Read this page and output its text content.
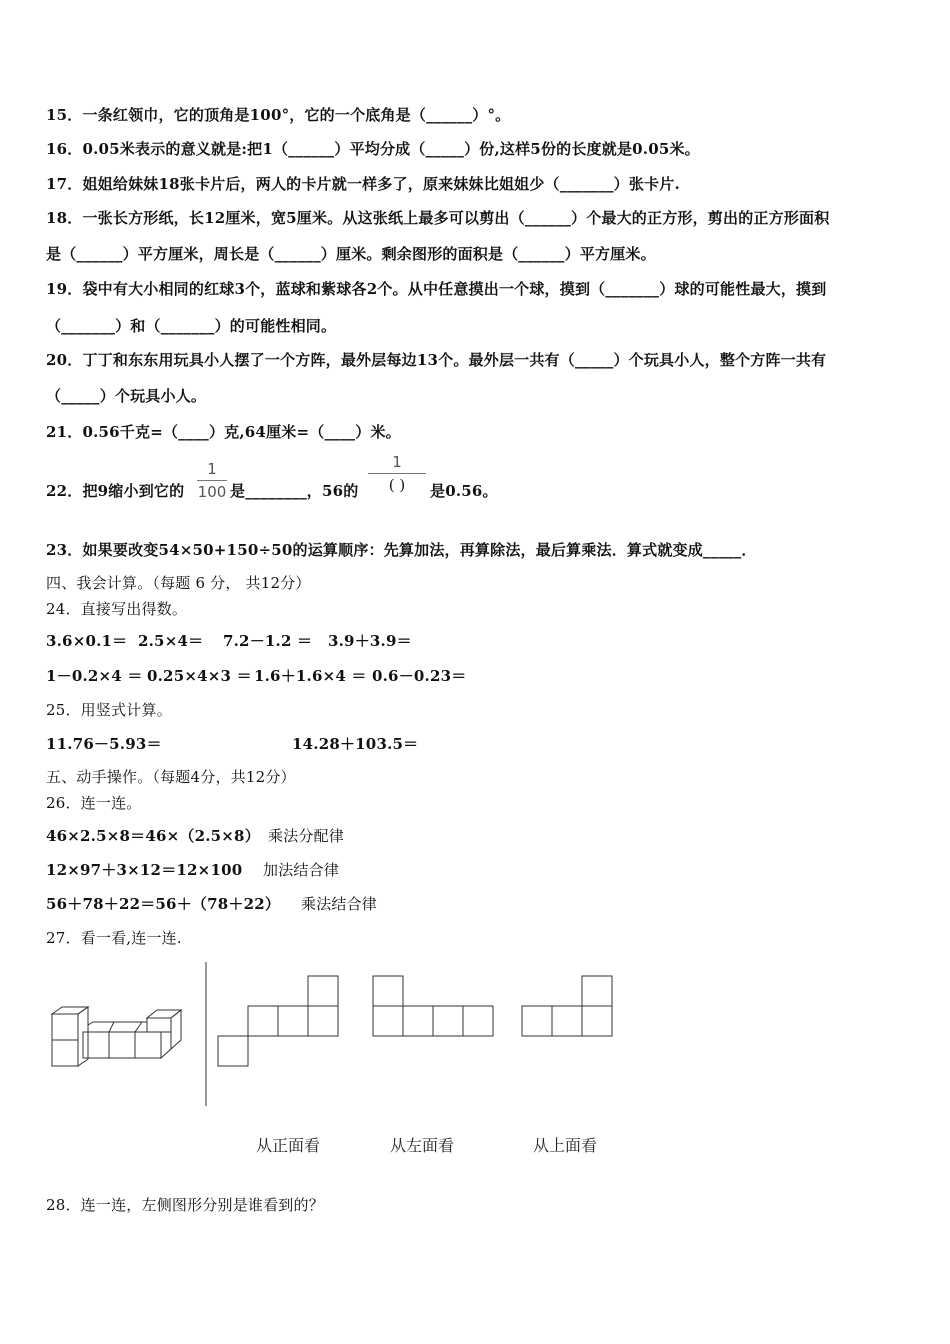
15．一条红领巾，它的顶角是100°，它的一个底角是（______）°。
16．0.05米表示的意义就是:把1（______）平均分成（_____）份,这样5份的长度就是0.05米。
17．姐姐给妹妹18张卡片后，两人的卡片就一样多了，原来妹妹比姐姐少（_______）张卡片.
18．一张长方形纸，长12厘米，宽5厘米。从这张纸上最多可以剪出（______）个最大的正方形，剪出的正方形面积
是（______）平方厘米，周长是（______）厘米。剩余图形的面积是（______）平方厘米。
19．袋中有大小相同的红球3个，蓝球和紫球各2个。从中任意摸出一个球，摸到（_______）球的可能性最大，摸到
（_______）和（_______）的可能性相同。
20．丁丁和东东用玩具小人摆了一个方阵，最外层每边13个。最外层一共有（_____）个玩具小人，整个方阵一共有
（_____）个玩具小人。
21．0.56千克=（____）克,64厘米=（____）米。
22．把9缩小到它的
1
100 是________，56的
1
( )	是0.56。
23．如果要改变54×50+150÷50的运算顺序：先算加法，再算除法，最后算乘法．算式就变成_____．
四、我会计算。（每题 6 分， 共12分）
24．直接写出得数。
3.6×0.1＝ 2.5×4＝ 7.2－1.2 ＝ 3.9＋3.9＝
1－0.2×4 ＝ 0.25×4×3 ＝ 1.6＋1.6×4 ＝ 0.6－0.23＝
25．用竖式计算。
11.76－5.93＝	14.28＋103.5＝
五、动手操作。（每题4分，共12分）
26．连一连。
46×2.5×8＝46×（2.5×8） 乘法分配律
12×97＋3×12＝12×100 加法结合律
56＋78＋22＝56＋（78＋22） 乘法结合律
27．看一看,连一连.
从正面看	从左面看	从上面看
28．连一连，左侧图形分别是谁看到的？
